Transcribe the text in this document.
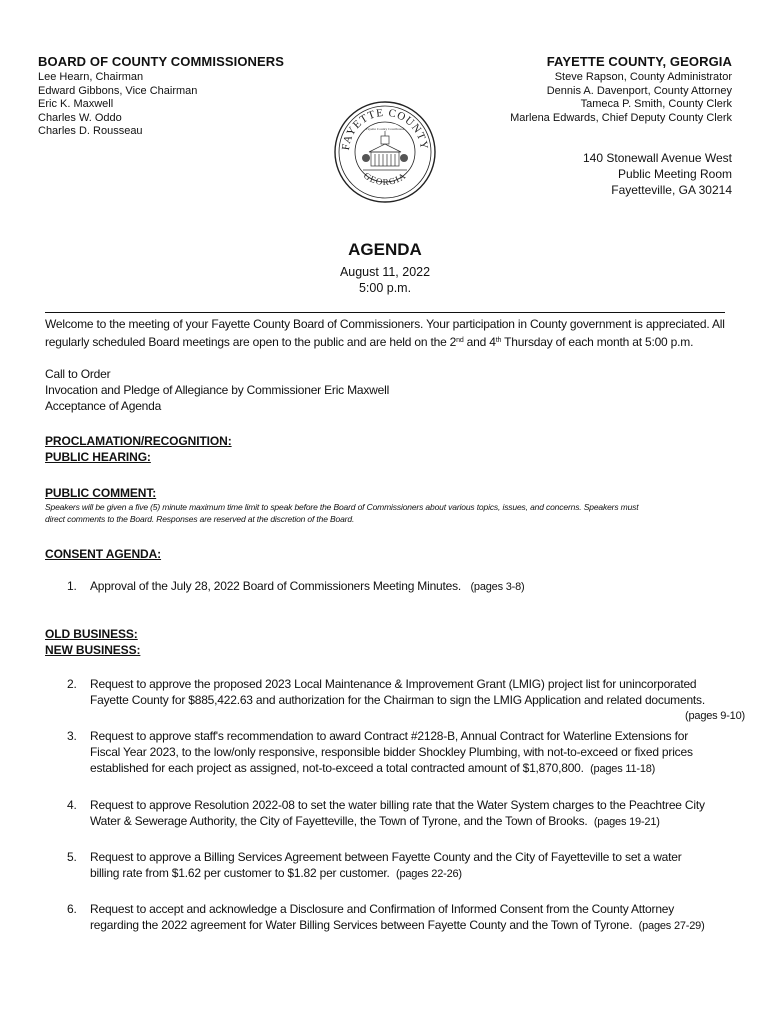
BOARD OF COUNTY COMMISSIONERS
Lee Hearn, Chairman
Edward Gibbons, Vice Chairman
Eric K. Maxwell
Charles W. Oddo
Charles D. Rousseau
FAYETTE COUNTY, GEORGIA
Steve Rapson, County Administrator
Dennis A. Davenport, County Attorney
Tameca P. Smith, County Clerk
Marlena Edwards, Chief Deputy County Clerk
140 Stonewall Avenue West
Public Meeting Room
Fayetteville, GA 30214
FAYETTE COUNTY
GEORGIA
Fayette County Courthouse
AGENDA
August 11, 2022
5:00 p.m.
Welcome to the meeting of your Fayette County Board of Commissioners. Your participation in County government is appreciated. All
regularly scheduled Board meetings are open to the public and are held on the 2nd and 4th Thursday of each month at 5:00 p.m.
Call to Order
Invocation and Pledge of Allegiance by Commissioner Eric Maxwell
Acceptance of Agenda
PROCLAMATION/RECOGNITION:
PUBLIC HEARING:
PUBLIC COMMENT:
Speakers will be given a five (5) minute maximum time limit to speak before the Board of Commissioners about various topics, issues, and concerns. Speakers must
direct comments to the Board. Responses are reserved at the discretion of the Board.
CONSENT AGENDA:
1. Approval of the July 28, 2022 Board of Commissioners Meeting Minutes. (pages 3-8)
OLD BUSINESS:
NEW BUSINESS:
2. Request to approve the proposed 2023 Local Maintenance & Improvement Grant (LMIG) project list for unincorporated
Fayette County for $885,422.63 and authorization for the Chairman to sign the LMIG Application and related documents.
(pages 9-10)
3. Request to approve staff's recommendation to award Contract #2128-B, Annual Contract for Waterline Extensions for
Fiscal Year 2023, to the low/only responsive, responsible bidder Shockley Plumbing, with not-to-exceed or fixed prices
established for each project as assigned, not-to-exceed a total contracted amount of $1,870,800. (pages 11-18)
4. Request to approve Resolution 2022-08 to set the water billing rate that the Water System charges to the Peachtree City
Water & Sewerage Authority, the City of Fayetteville, the Town of Tyrone, and the Town of Brooks. (pages 19-21)
5. Request to approve a Billing Services Agreement between Fayette County and the City of Fayetteville to set a water
billing rate from $1.62 per customer to $1.82 per customer. (pages 22-26)
6. Request to accept and acknowledge a Disclosure and Confirmation of Informed Consent from the County Attorney
regarding the 2022 agreement for Water Billing Services between Fayette County and the Town of Tyrone. (pages 27-29)
